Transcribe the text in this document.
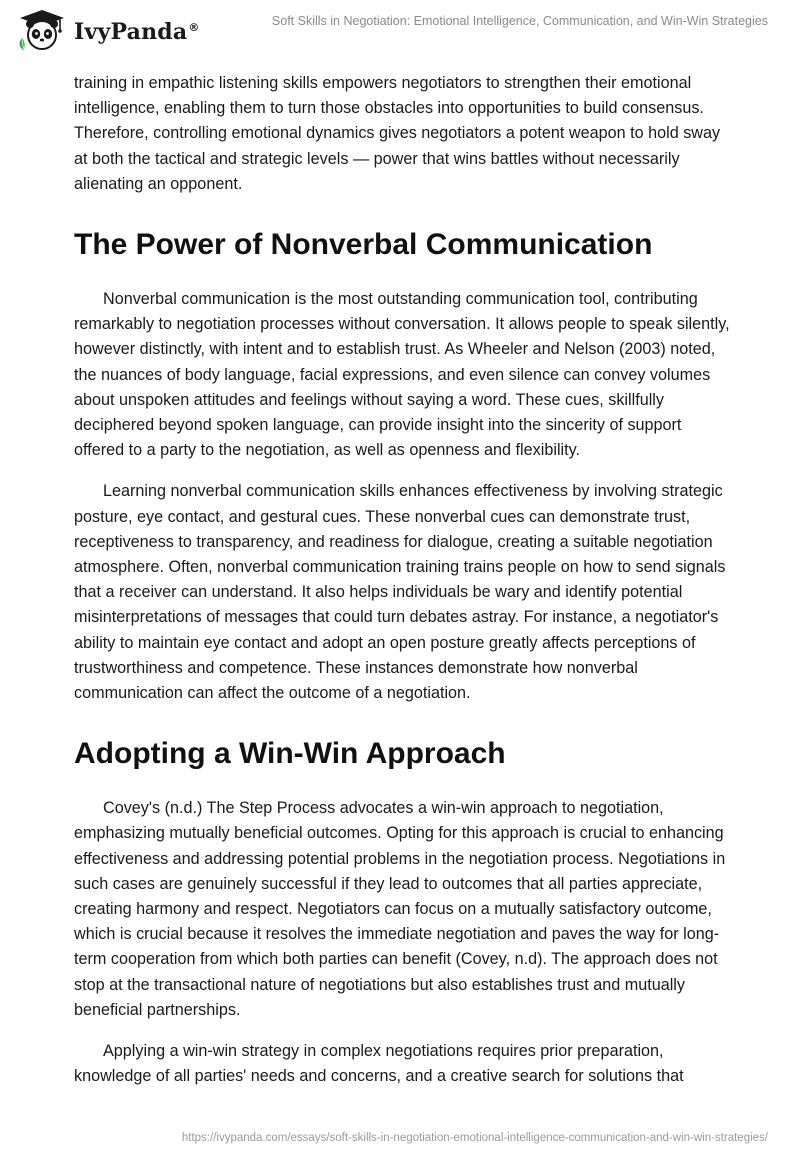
IvyPanda®	Soft Skills in Negotiation: Emotional Intelligence, Communication, and Win-Win Strategies

training in empathic listening skills empowers negotiators to strengthen their emotional intelligence, enabling them to turn those obstacles into opportunities to build consensus. Therefore, controlling emotional dynamics gives negotiators a potent weapon to hold sway at both the tactical and strategic levels — power that wins battles without necessarily alienating an opponent.

The Power of Nonverbal Communication

Nonverbal communication is the most outstanding communication tool, contributing remarkably to negotiation processes without conversation. It allows people to speak silently, however distinctly, with intent and to establish trust. As Wheeler and Nelson (2003) noted, the nuances of body language, facial expressions, and even silence can convey volumes about unspoken attitudes and feelings without saying a word. These cues, skillfully deciphered beyond spoken language, can provide insight into the sincerity of support offered to a party to the negotiation, as well as openness and flexibility.

Learning nonverbal communication skills enhances effectiveness by involving strategic posture, eye contact, and gestural cues. These nonverbal cues can demonstrate trust, receptiveness to transparency, and readiness for dialogue, creating a suitable negotiation atmosphere. Often, nonverbal communication training trains people on how to send signals that a receiver can understand. It also helps individuals be wary and identify potential misinterpretations of messages that could turn debates astray. For instance, a negotiator's ability to maintain eye contact and adopt an open posture greatly affects perceptions of trustworthiness and competence. These instances demonstrate how nonverbal communication can affect the outcome of a negotiation.

Adopting a Win-Win Approach

Covey's (n.d.) The Step Process advocates a win-win approach to negotiation, emphasizing mutually beneficial outcomes. Opting for this approach is crucial to enhancing effectiveness and addressing potential problems in the negotiation process. Negotiations in such cases are genuinely successful if they lead to outcomes that all parties appreciate, creating harmony and respect. Negotiators can focus on a mutually satisfactory outcome, which is crucial because it resolves the immediate negotiation and paves the way for long-term cooperation from which both parties can benefit (Covey, n.d). The approach does not stop at the transactional nature of negotiations but also establishes trust and mutually beneficial partnerships.

Applying a win-win strategy in complex negotiations requires prior preparation, knowledge of all parties' needs and concerns, and a creative search for solutions that

https://ivypanda.com/essays/soft-skills-in-negotiation-emotional-intelligence-communication-and-win-win-strategies/
